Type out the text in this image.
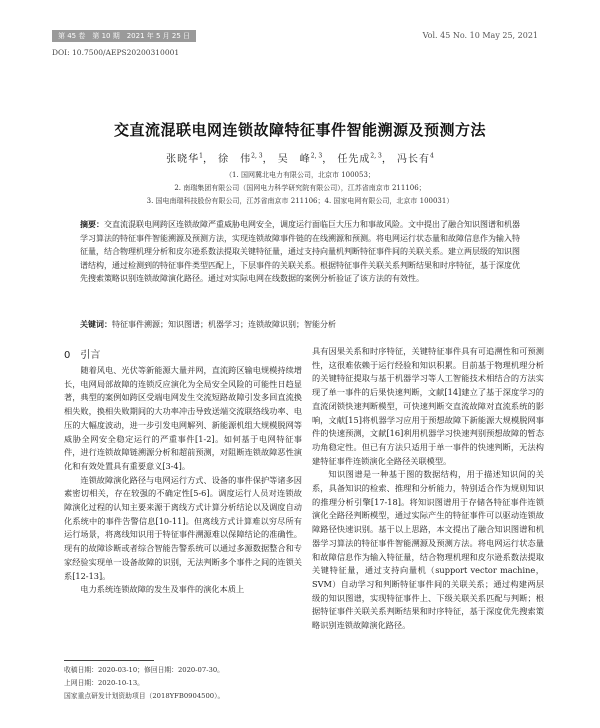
第 45 卷　第 10 期　2021 年 5 月 25 日	Vol. 45 No. 10 May 25, 2021
DOI: 10.7500/AEPS20200310001
交直流混联电网连锁故障特征事件智能溯源及预测方法
张晓华$^1$， 徐　伟$^{2, 3}$， 吴　峰$^{2, 3}$， 任先成$^{2, 3}$， 冯长有$^4$
（1. 国网冀北电力有限公司，北京市 100053；
2. 南瑞集团有限公司（国网电力科学研究院有限公司），江苏省南京市 211106；
3. 国电南瑞科技股份有限公司，江苏省南京市 211106；4. 国家电网有限公司，北京市 100031）
摘要：交直流混联电网跨区连锁故障严重威胁电网安全，调度运行面临巨大压力和事故风险。文中提出了融合知识图谱和机器学习算法的特征事件智能溯源及预测方法，实现连锁故障事件链的在线溯源和预测。将电网运行状态量和故障信息作为输入特征量，结合物理机理分析和皮尔逊系数法提取关键特征量，通过支持向量机判断特征事件间的关联关系。建立两层级的知识图谱结构，通过检测到的特征事件类型匹配上，下层事件的关联关系。根据特征事件关联关系判断结果和时序特征，基于深度优先搜索策略识别连锁故障演化路径。通过对实际电网在线数据的案例分析验证了该方法的有效性。
关键词：特征事件溯源；知识图谱；机器学习；连锁故障识别；智能分析
0　 引言

随着风电、光伏等新能源大量并网，直流跨区输电规模持续增长，电网局部故障的连锁反应演化为全局安全风险的可能性日趋显著，典型的案例如跨区受端电网发生交流短路故障引发多回直流换相失败，换相失败期间的大功率冲击导致送端交流联络线功率、电压的大幅度波动，进一步引发电网解列、新能源机组大规模脱网等威胁全网安全稳定运行的严重事件[1-2]。如何基于电网特征事件，进行连锁故障链溯源分析和超前预测，对阻断连锁故障恶性演化和有效处置具有重要意义[3-4]。

连锁故障演化路径与电网运行方式、设备的事件保护等诸多因素密切相关，存在较强的不确定性[5-6]。调度运行人员对连锁故障演化过程的认知主要来源于离线方式计算分析结论以及调度自动化系统中的事件告警信息[10-11]。但离线方式计算难以穷尽所有运行场景，将离线知识用于特征事件溯源难以保障结论的准确性。现有的故障诊断或者综合智能告警系统可以通过多源数据整合和专家经验实现单一设备故障的识别，无法判断多个事件之间的连锁关系[12-13]。

电力系统连锁故障的发生及事件的演化本质上

具有因果关系和时序特征，关键特征事件具有可追溯性和可预测性，这很难依赖于运行经验和知识积累。目前基于物理机理分析的关键特征提取与基于机器学习等人工智能技术相结合的方法实现了单一事件的后果快速判断，文献[14]建立了基于深度学习的直流闭锁快速判断模型，可快速判断交直流故障对直流系统的影响，文献[15]将机器学习应用于预想故障下新能源大规模脱网事件的快速预测，文献[16]利用机器学习快速判别预想故障的暂态功角稳定性。但已有方法只适用于单一事件的快速判断，无法构建特征事件连锁演化全路径关联模型。

知识图谱是一种基于图的数据结构，用于描述知识间的关系，具备知识的检索、推理和分析能力，特别适合作为规则知识的推理分析引擎[17-18]。将知识图谱用于存储各特征事件连锁演化全路径判断模型，通过实际产生的特征事件可以驱动连锁故障路径快速识别。基于以上思路，本文提出了融合知识图谱和机器学习算法的特征事件智能溯源及预测方法。将电网运行状态量和故障信息作为输入特征量，结合物理机理和皮尔逊系数法提取关键特征量，通过支持向量机（support vector machine，SVM）自动学习和判断特征事件间的关联关系；通过构建两层级的知识图谱，实现特征事件上、下级关联关系匹配与判断；根据特征事件关联关系判断结果和时序特征，基于深度优先搜索策略识别连锁故障演化路径。

收稿日期：2020-03-10；修回日期：2020-07-30。
上网日期：2020-10-13。
国家重点研发计划资助项目（2018YFB0904500）。
